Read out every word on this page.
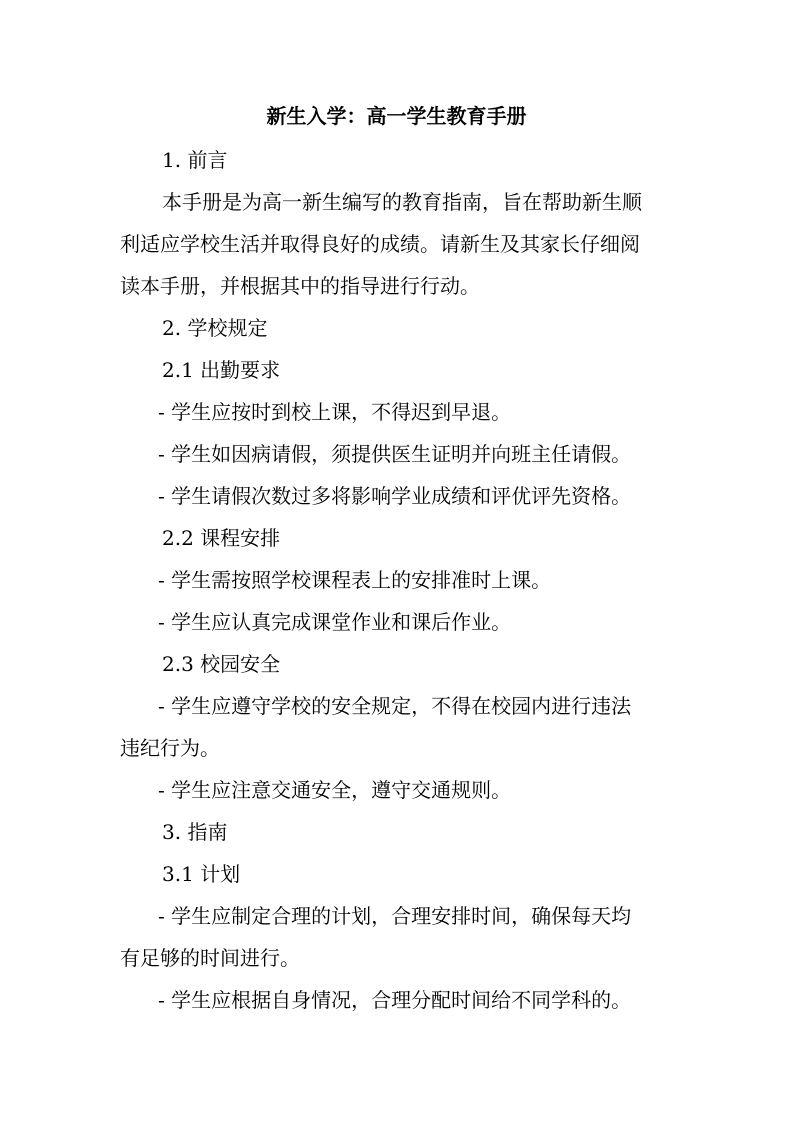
新生入学：高一学生教育手册
1. 前言
本手册是为高一新生编写的教育指南，旨在帮助新生顺
利适应学校生活并取得良好的成绩。请新生及其家长仔细阅
读本手册，并根据其中的指导进行行动。
2. 学校规定
2.1 出勤要求
- 学生应按时到校上课，不得迟到早退。
- 学生如因病请假，须提供医生证明并向班主任请假。
- 学生请假次数过多将影响学业成绩和评优评先资格。
2.2 课程安排
- 学生需按照学校课程表上的安排准时上课。
- 学生应认真完成课堂作业和课后作业。
2.3 校园安全
- 学生应遵守学校的安全规定，不得在校园内进行违法
违纪行为。
- 学生应注意交通安全，遵守交通规则。
3. 指南
3.1 计划
- 学生应制定合理的计划，合理安排时间，确保每天均
有足够的时间进行。
- 学生应根据自身情况，合理分配时间给不同学科的。
